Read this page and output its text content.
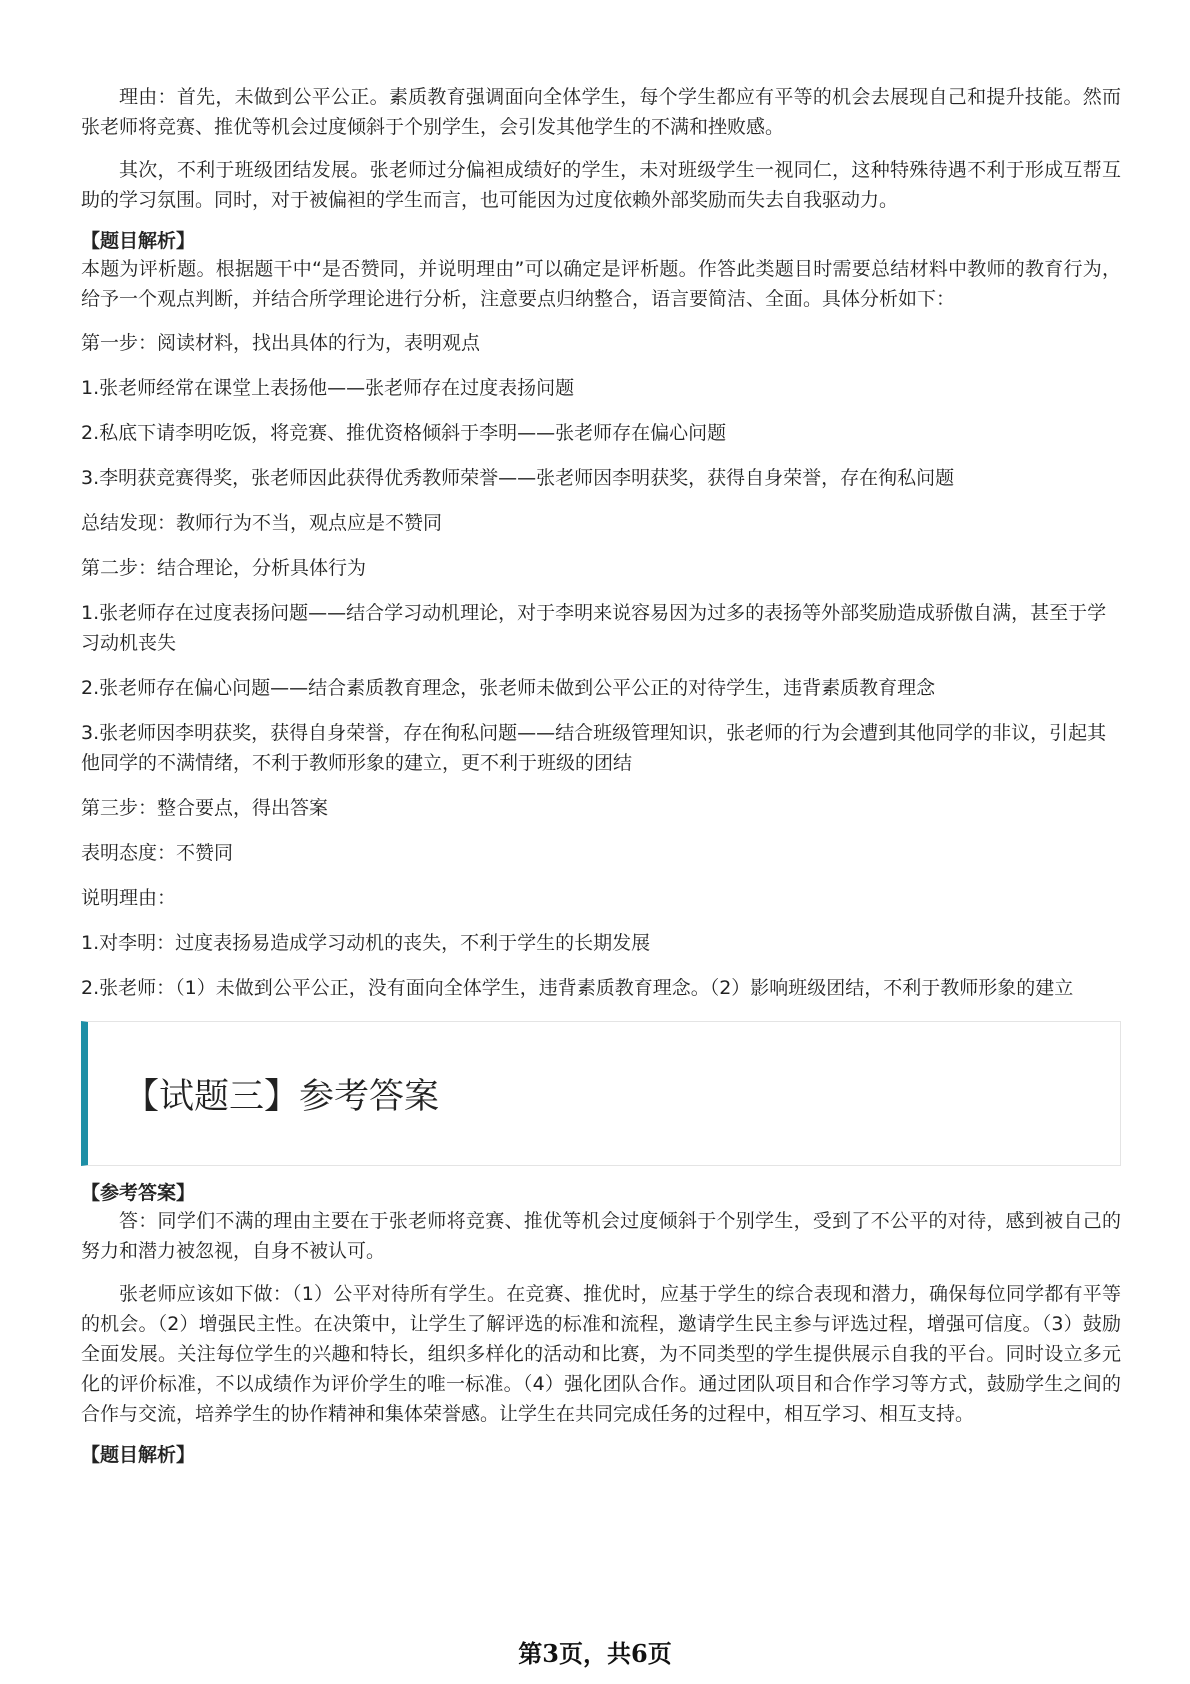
理由：首先，未做到公平公正。素质教育强调面向全体学生，每个学生都应有平等的机会去展现自己和提升技能。然而张老师将竞赛、推优等机会过度倾斜于个别学生，会引发其他学生的不满和挫败感。

其次，不利于班级团结发展。张老师过分偏袒成绩好的学生，未对班级学生一视同仁，这种特殊待遇不利于形成互帮互助的学习氛围。同时，对于被偏袒的学生而言，也可能因为过度依赖外部奖励而失去自我驱动力。

【题目解析】

本题为评析题。根据题干中“是否赞同，并说明理由”可以确定是评析题。作答此类题目时需要总结材料中教师的教育行为，给予一个观点判断，并结合所学理论进行分析，注意要点归纳整合，语言要简洁、全面。具体分析如下：

第一步：阅读材料，找出具体的行为，表明观点

1.张老师经常在课堂上表扬他——张老师存在过度表扬问题

2.私底下请李明吃饭，将竞赛、推优资格倾斜于李明——张老师存在偏心问题

3.李明获竞赛得奖，张老师因此获得优秀教师荣誉——张老师因李明获奖，获得自身荣誉，存在徇私问题

总结发现：教师行为不当，观点应是不赞同

第二步：结合理论，分析具体行为

1.张老师存在过度表扬问题——结合学习动机理论，对于李明来说容易因为过多的表扬等外部奖励造成骄傲自满，甚至于学习动机丧失

2.张老师存在偏心问题——结合素质教育理念，张老师未做到公平公正的对待学生，违背素质教育理念

3.张老师因李明获奖，获得自身荣誉，存在徇私问题——结合班级管理知识，张老师的行为会遭到其他同学的非议，引起其他同学的不满情绪，不利于教师形象的建立，更不利于班级的团结

第三步：整合要点，得出答案

表明态度：不赞同

说明理由：

1.对李明：过度表扬易造成学习动机的丧失，不利于学生的长期发展

2.张老师：（1）未做到公平公正，没有面向全体学生，违背素质教育理念。（2）影响班级团结，不利于教师形象的建立

【试题三】参考答案

【参考答案】

答：同学们不满的理由主要在于张老师将竞赛、推优等机会过度倾斜于个别学生，受到了不公平的对待，感到被自己的努力和潜力被忽视，自身不被认可。

张老师应该如下做：（1）公平对待所有学生。在竞赛、推优时，应基于学生的综合表现和潜力，确保每位同学都有平等的机会。（2）增强民主性。在决策中，让学生了解评选的标准和流程，邀请学生民主参与评选过程，增强可信度。（3）鼓励全面发展。关注每位学生的兴趣和特长，组织多样化的活动和比赛，为不同类型的学生提供展示自我的平台。同时设立多元化的评价标准，不以成绩作为评价学生的唯一标准。（4）强化团队合作。通过团队项目和合作学习等方式，鼓励学生之间的合作与交流，培养学生的协作精神和集体荣誉感。让学生在共同完成任务的过程中，相互学习、相互支持。

【题目解析】

第3页，共6页
